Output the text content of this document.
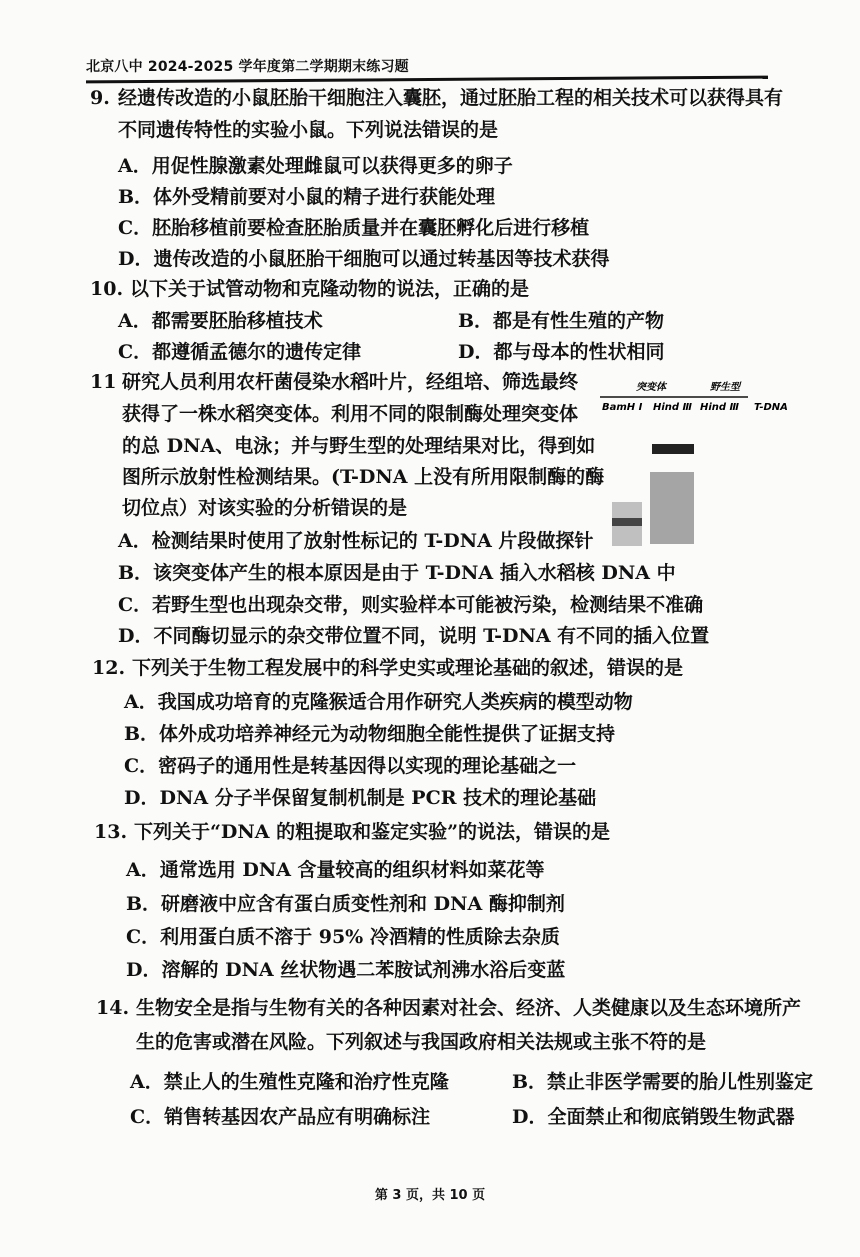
北京八中 2024-2025 学年度第二学期期末练习题
9. 经遗传改造的小鼠胚胎干细胞注入囊胚，通过胚胎工程的相关技术可以获得具有
不同遗传特性的实验小鼠。下列说法错误的是
A．用促性腺激素处理雌鼠可以获得更多的卵子
B．体外受精前要对小鼠的精子进行获能处理
C．胚胎移植前要检查胚胎质量并在囊胚孵化后进行移植
D．遗传改造的小鼠胚胎干细胞可以通过转基因等技术获得
10. 以下关于试管动物和克隆动物的说法，正确的是
A．都需要胚胎移植技术	B．都是有性生殖的产物
C．都遵循孟德尔的遗传定律	D．都与母本的性状相同
11 研究人员利用农杆菌侵染水稻叶片，经组培、筛选最终
获得了一株水稻突变体。利用不同的限制酶处理突变体
的总 DNA、电泳；并与野生型的处理结果对比，得到如
图所示放射性检测结果。(T-DNA 上没有所用限制酶的酶
切位点）对该实验的分析错误的是
突变体	野生型
BamH Ⅰ Hind Ⅲ Hind Ⅲ T-DNA
A．检测结果时使用了放射性标记的 T-DNA 片段做探针
B．该突变体产生的根本原因是由于 T-DNA 插入水稻核 DNA 中
C．若野生型也出现杂交带，则实验样本可能被污染，检测结果不准确
D．不同酶切显示的杂交带位置不同，说明 T-DNA 有不同的插入位置
12. 下列关于生物工程发展中的科学史实或理论基础的叙述，错误的是
A．我国成功培育的克隆猴适合用作研究人类疾病的模型动物
B．体外成功培养神经元为动物细胞全能性提供了证据支持
C．密码子的通用性是转基因得以实现的理论基础之一
D．DNA 分子半保留复制机制是 PCR 技术的理论基础
13. 下列关于“DNA 的粗提取和鉴定实验”的说法，错误的是
A．通常选用 DNA 含量较高的组织材料如菜花等
B．研磨液中应含有蛋白质变性剂和 DNA 酶抑制剂
C．利用蛋白质不溶于 95% 冷酒精的性质除去杂质
D．溶解的 DNA 丝状物遇二苯胺试剂沸水浴后变蓝
14. 生物安全是指与生物有关的各种因素对社会、经济、人类健康以及生态环境所产
生的危害或潜在风险。下列叙述与我国政府相关法规或主张不符的是
A．禁止人的生殖性克隆和治疗性克隆	B．禁止非医学需要的胎儿性别鉴定
C．销售转基因农产品应有明确标注	D．全面禁止和彻底销毁生物武器
第 3 页，共 10 页
